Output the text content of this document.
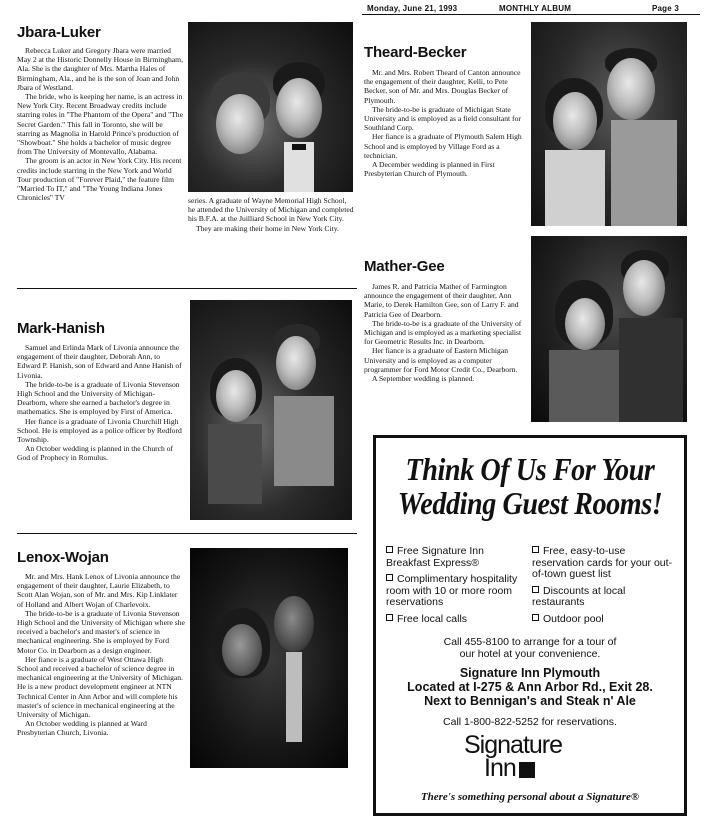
Monday, June 21, 1993	MONTHLY ALBUM	Page 3
Jbara-Luker

Rebecca Luker and Gregory Jbara were married May 2 at the Historic Donnelly House in Birmingham, Ala. She is the daughter of Mrs. Martha Hales of Birmingham, Ala., and he is the son of Joan and John Jbara of Westland.

The bride, who is keeping her name, is an actress in New York City. Recent Broadway credits include starring roles in "The Phantom of the Opera" and "The Secret Garden." This fall in Toronto, she will be starring as Magnolia in Harold Prince's production of "Showboat." She holds a bachelor of music degree from The University of Montevallo, Alabama.

The groom is an actor in New York City. His recent credits include starring in the New York and World Tour production of "Forever Plaid," the feature film "Married To IT," and "The Young Indiana Jones Chronicles" TV	series. A graduate of Wayne Memorial High School, he attended the University of Michigan and completed his B.F.A. at the Juilliard School in New York City.

They are making their home in New York City.

Mark-Hanish

Samuel and Erlinda Mark of Livonia announce the engagement of their daughter, Deborah Ann, to Edward P. Hanish, son of Edward and Anne Hanish of Livonia.

The bride-to-be is a graduate of Livonia Stevenson High School and the University of Michigan-Dearborn, where she earned a bachelor's degree in mathematics. She is employed by First of America.

Her fiance is a graduate of Livonia Churchill High School. He is employed as a police officer by Redford Township.

An October wedding is planned in the Church of God of Prophecy in Romulus.

Lenox-Wojan

Mr. and Mrs. Hank Lenox of Livonia announce the engagement of their daughter, Laurie Elizabeth, to Scott Alan Wojan, son of Mr. and Mrs. Kip Linklater of Holland and Albert Wojan of Charlevoix.

The bride-to-be is a graduate of Livonia Stevenson High School and the University of Michigan where she received a bachelor's and master's of science in mechanical engineering. She is employed by Ford Motor Co. in Dearborn as a design engineer.

Her fiance is a graduate of West Ottawa High School and received a bachelor of science degree in mechanical engineering at the University of Michigan. He is a new product development engineer at NTN Technical Center in Ann Arbor and will complete his master's of science in mechanical engineering at the University of Michigan.

An October wedding is planned at Ward Presbyterian Church, Livonia.

Theard-Becker

Mr. and Mrs. Robert Theard of Canton announce the engagement of their daughter, Kelli, to Pete Becker, son of Mr. and Mrs. Douglas Becker of Plymouth.

The bride-to-be is graduate of Michigan State University and is employed as a field consultant for Southland Corp.

Her fiance is a graduate of Plymouth Salem High School and is employed by Village Ford as a technician.

A December wedding is planned in First Presbyterian Church of Plymouth.

Mather-Gee

James R. and Patricia Mather of Farmington announce the engagement of their daughter, Ann Marie, to Derek Hamilton Gee, son of Larry F. and Patricia Gee of Dearborn.

The bride-to-be is a graduate of the University of Michigan and is employed as a marketing specialist for Geometric Results Inc. in Dearborn.

Her fiance is a graduate of Eastern Michigan University and is employed as a computer programmer for Ford Motor Credit Co., Dearborn.

A September wedding is planned.

Think Of Us For Your
Wedding Guest Rooms!
Free Signature Inn Breakfast Express®
Complimentary hospitality room with 10 or more room reservations
Free local calls
Free, easy-to-use reservation cards for your out-of-town guest list
Discounts at local restaurants
Outdoor pool
Call 455-8100 to arrange for a tour of
our hotel at your convenience.
Signature Inn Plymouth
Located at I-275 & Ann Arbor Rd., Exit 28.
Next to Bennigan's and Steak n' Ale
Call 1-800-822-5252 for reservations.
Signature
Inn
There's something personal about a Signature®
